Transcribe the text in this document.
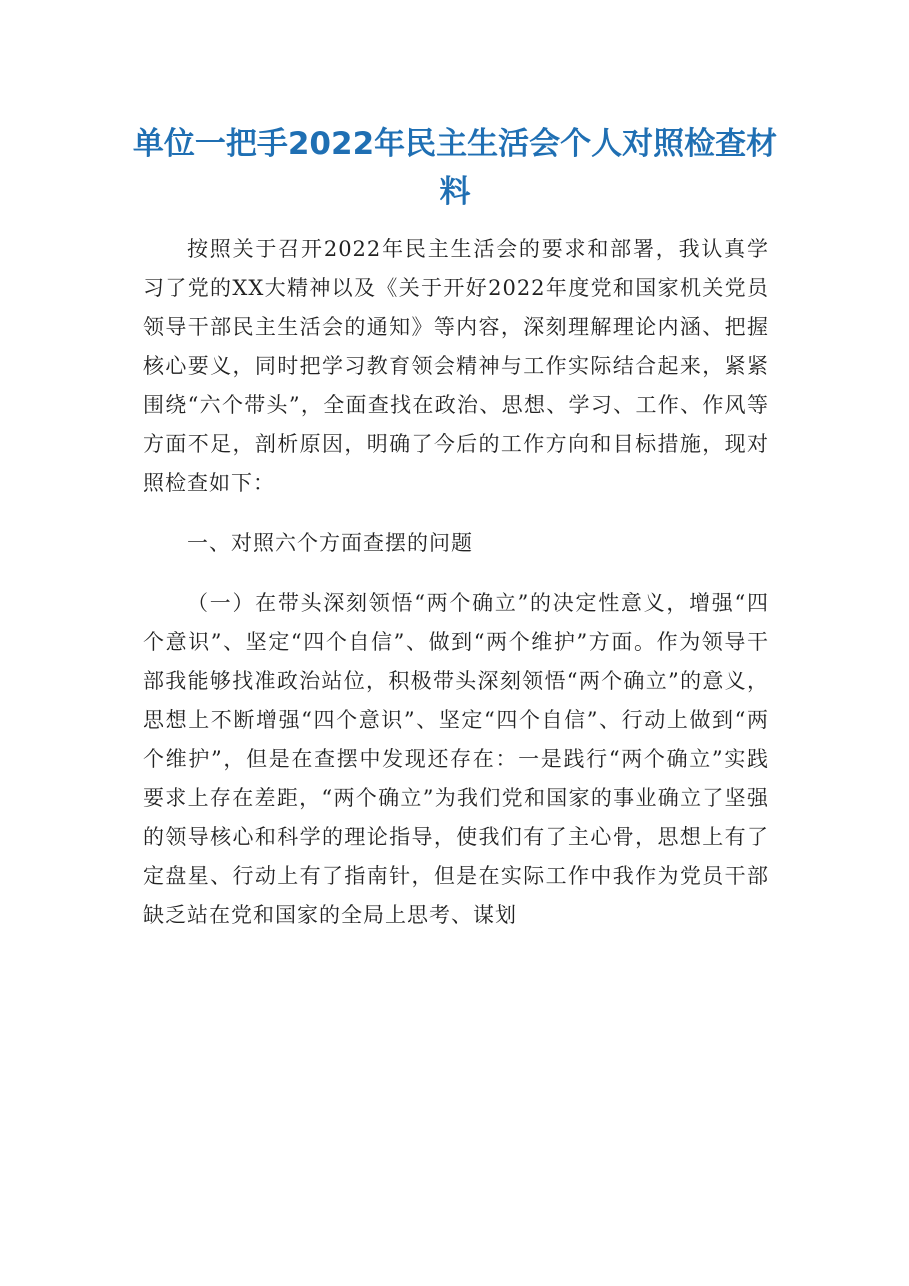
单位一把手2022年民主生活会个人对照检查材料

按照关于召开2022年民主生活会的要求和部署，我认真学习了党的XX大精神以及《关于开好2022年度党和国家机关党员领导干部民主生活会的通知》等内容，深刻理解理论内涵、把握核心要义，同时把学习教育领会精神与工作实际结合起来，紧紧围绕“六个带头”，全面查找在政治、思想、学习、工作、作风等方面不足，剖析原因，明确了今后的工作方向和目标措施，现对照检查如下：

一、对照六个方面查摆的问题

（一）在带头深刻领悟“两个确立”的决定性意义，增强“四个意识”、坚定“四个自信”、做到“两个维护”方面。作为领导干部我能够找准政治站位，积极带头深刻领悟“两个确立”的意义，思想上不断增强“四个意识”、坚定“四个自信”、行动上做到“两个维护”，但是在查摆中发现还存在：一是践行“两个确立”实践要求上存在差距，“两个确立”为我们党和国家的事业确立了坚强的领导核心和科学的理论指导，使我们有了主心骨，思想上有了定盘星、行动上有了指南针，但是在实际工作中我作为党员干部缺乏站在党和国家的全局上思考、谋划
